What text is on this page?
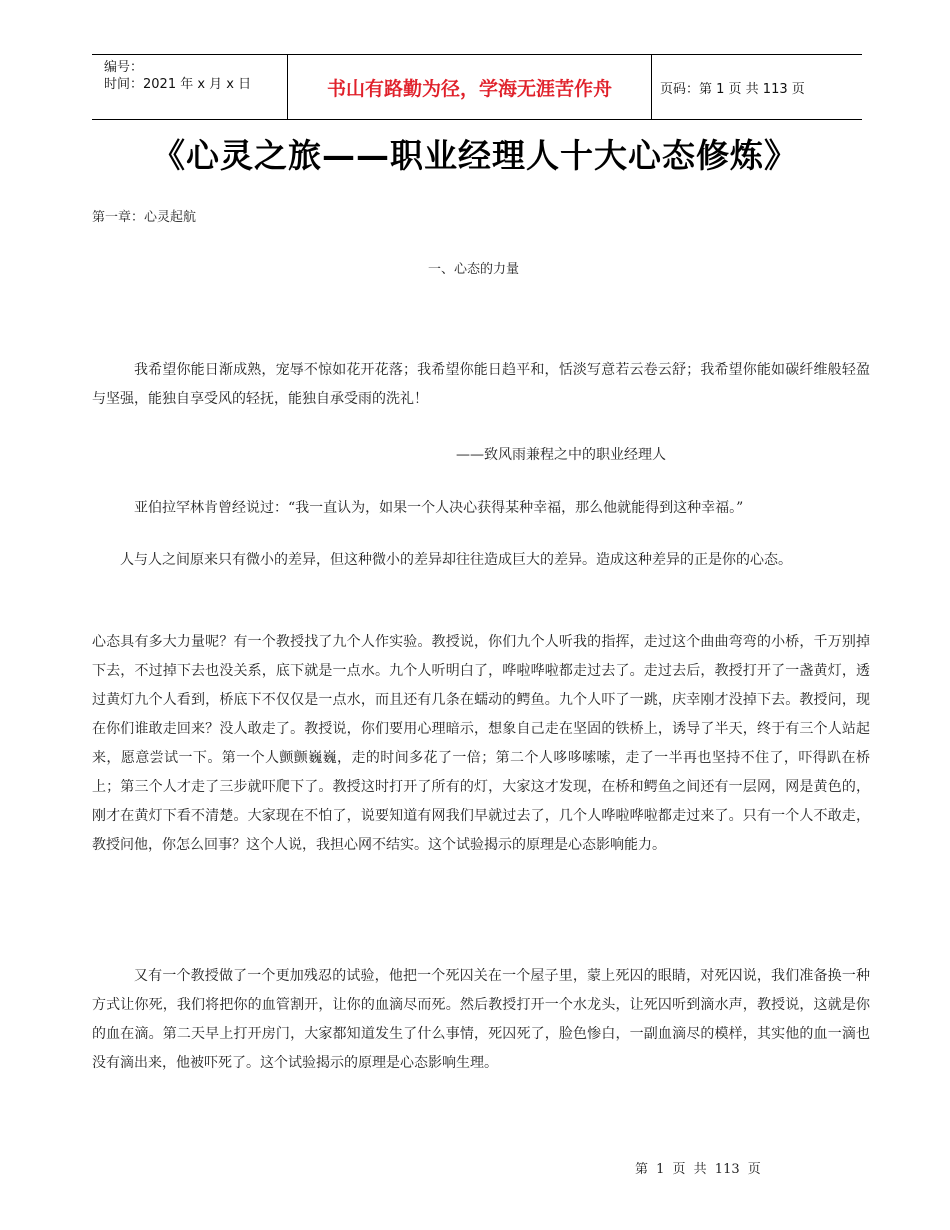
编号：
时间：2021 年 x 月 x 日	书山有路勤为径，学海无涯苦作舟	页码：第 1 页 共 113 页
《心灵之旅——职业经理人十大心态修炼》
第一章：心灵起航
一、心态的力量

我希望你能日渐成熟，宠辱不惊如花开花落；我希望你能日趋平和，恬淡写意若云卷云舒；我希望你能如碳纤维般轻盈与坚强，能独自享受风的轻抚，能独自承受雨的洗礼！

——致风雨兼程之中的职业经理人

亚伯拉罕林肯曾经说过：“我一直认为，如果一个人决心获得某种幸福，那么他就能得到这种幸福。”

人与人之间原来只有微小的差异，但这种微小的差异却往往造成巨大的差异。造成这种差异的正是你的心态。

心态具有多大力量呢？有一个教授找了九个人作实验。教授说，你们九个人听我的指挥，走过这个曲曲弯弯的小桥，千万别掉下去，不过掉下去也没关系，底下就是一点水。九个人听明白了，哗啦哗啦都走过去了。走过去后，教授打开了一盏黄灯，透过黄灯九个人看到，桥底下不仅仅是一点水，而且还有几条在蠕动的鳄鱼。九个人吓了一跳，庆幸刚才没掉下去。教授问，现在你们谁敢走回来？没人敢走了。教授说，你们要用心理暗示，想象自己走在坚固的铁桥上，诱导了半天，终于有三个人站起来，愿意尝试一下。第一个人颤颤巍巍，走的时间多花了一倍；第二个人哆哆嗦嗦，走了一半再也坚持不住了，吓得趴在桥上；第三个人才走了三步就吓爬下了。教授这时打开了所有的灯，大家这才发现，在桥和鳄鱼之间还有一层网，网是黄色的，刚才在黄灯下看不清楚。大家现在不怕了，说要知道有网我们早就过去了，几个人哗啦哗啦都走过来了。只有一个人不敢走，教授问他，你怎么回事？这个人说，我担心网不结实。这个试验揭示的原理是心态影响能力。

又有一个教授做了一个更加残忍的试验，他把一个死囚关在一个屋子里，蒙上死囚的眼睛，对死囚说，我们准备换一种方式让你死，我们将把你的血管割开，让你的血滴尽而死。然后教授打开一个水龙头，让死囚听到滴水声，教授说，这就是你的血在滴。第二天早上打开房门，大家都知道发生了什么事情，死囚死了，脸色惨白，一副血滴尽的模样，其实他的血一滴也没有滴出来，他被吓死了。这个试验揭示的原理是心态影响生理。

第 1 页 共 113 页
